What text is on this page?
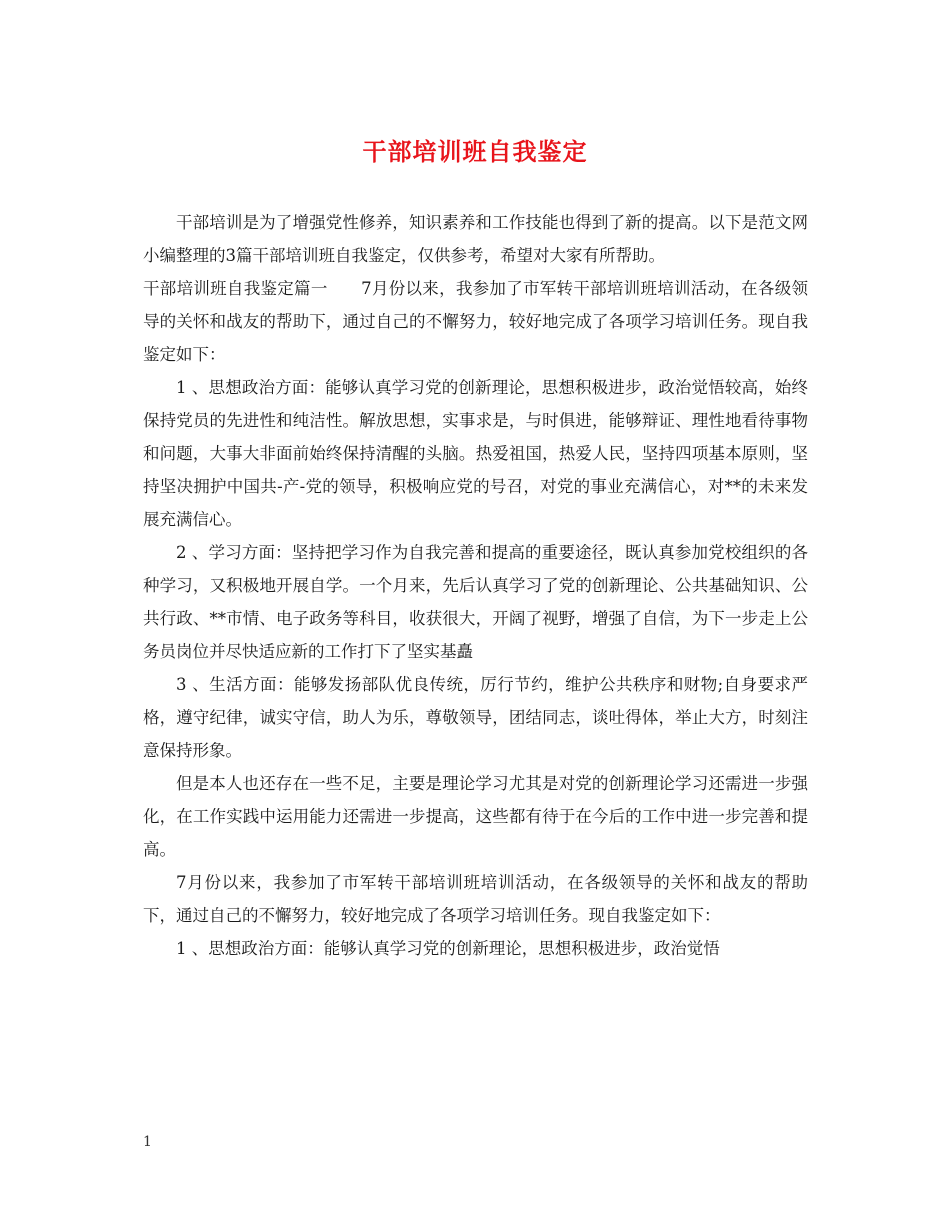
干部培训班自我鉴定

干部培训是为了增强党性修养，知识素养和工作技能也得到了新的提高。以下是范文网小编整理的3篇干部培训班自我鉴定，仅供参考，希望对大家有所帮助。

干部培训班自我鉴定篇一　　7月份以来，我参加了市军转干部培训班培训活动，在各级领导的关怀和战友的帮助下，通过自己的不懈努力，较好地完成了各项学习培训任务。现自我鉴定如下：

1 、思想政治方面：能够认真学习党的创新理论，思想积极进步，政治觉悟较高，始终保持党员的先进性和纯洁性。解放思想，实事求是，与时俱进，能够辩证、理性地看待事物和问题，大事大非面前始终保持清醒的头脑。热爱祖国，热爱人民，坚持四项基本原则，坚持坚决拥护中国共-产-党的领导，积极响应党的号召，对党的事业充满信心，对**的未来发展充满信心。

2 、学习方面：坚持把学习作为自我完善和提高的重要途径，既认真参加党校组织的各种学习，又积极地开展自学。一个月来，先后认真学习了党的创新理论、公共基础知识、公共行政、**市情、电子政务等科目，收获很大，开阔了视野，增强了自信，为下一步走上公务员岗位并尽快适应新的工作打下了坚实基矗

3 、生活方面：能够发扬部队优良传统，厉行节约，维护公共秩序和财物;自身要求严格，遵守纪律，诚实守信，助人为乐，尊敬领导，团结同志，谈吐得体，举止大方，时刻注意保持形象。

但是本人也还存在一些不足，主要是理论学习尤其是对党的创新理论学习还需进一步强化，在工作实践中运用能力还需进一步提高，这些都有待于在今后的工作中进一步完善和提高。

7月份以来，我参加了市军转干部培训班培训活动，在各级领导的关怀和战友的帮助下，通过自己的不懈努力，较好地完成了各项学习培训任务。现自我鉴定如下：

1 、思想政治方面：能够认真学习党的创新理论，思想积极进步，政治觉悟

1
